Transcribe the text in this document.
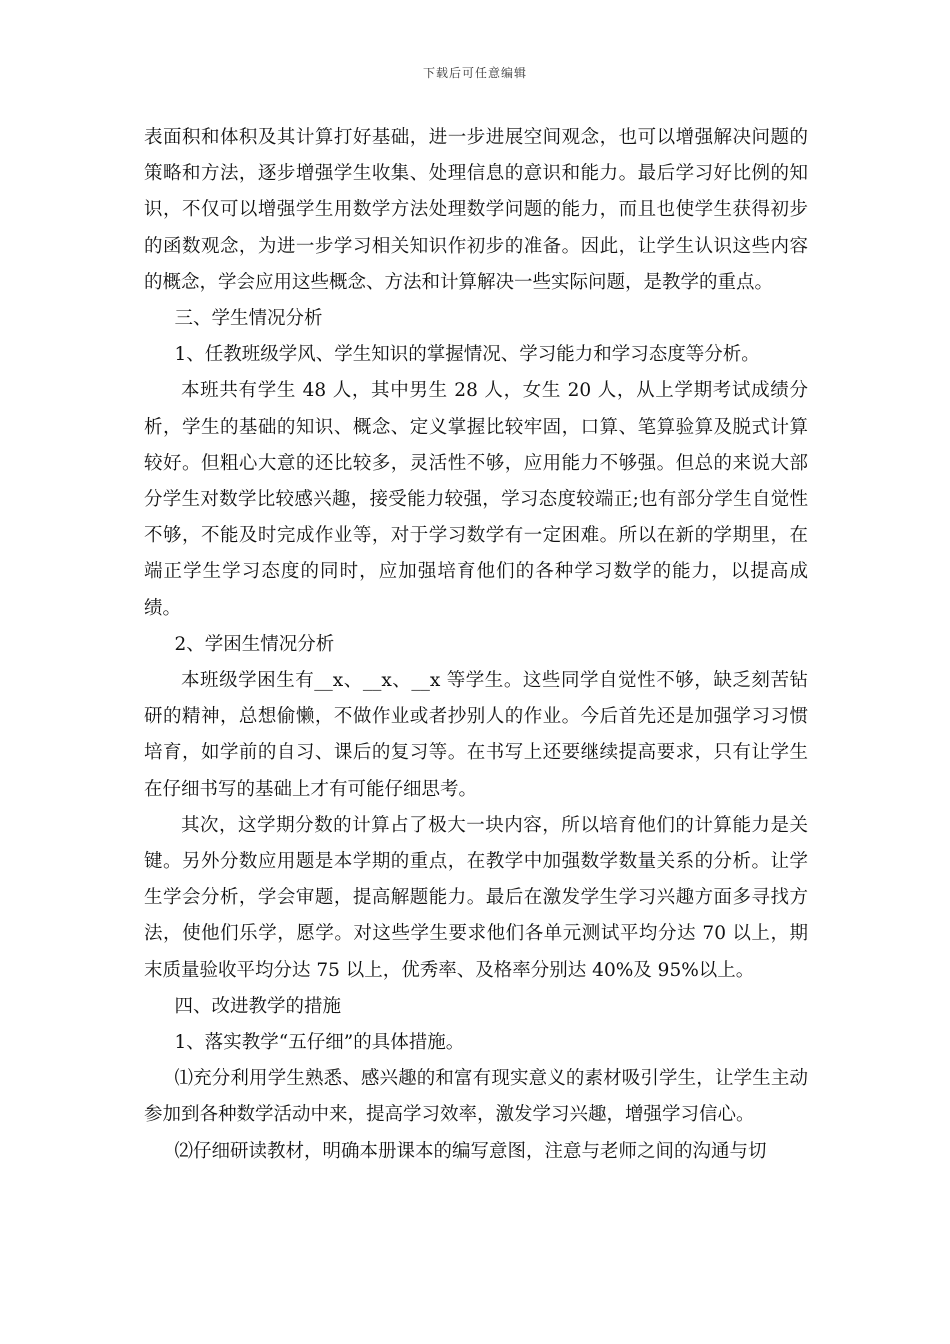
下载后可任意编辑

表面积和体积及其计算打好基础，进一步进展空间观念，也可以增强解决问题的策略和方法，逐步增强学生收集、处理信息的意识和能力。最后学习好比例的知识，不仅可以增强学生用数学方法处理数学问题的能力，而且也使学生获得初步的函数观念，为进一步学习相关知识作初步的准备。因此，让学生认识这些内容的概念，学会应用这些概念、方法和计算解决一些实际问题，是教学的重点。

三、学生情况分析

1、任教班级学风、学生知识的掌握情况、学习能力和学习态度等分析。

本班共有学生 48 人，其中男生 28 人，女生 20 人，从上学期考试成绩分析，学生的基础的知识、概念、定义掌握比较牢固，口算、笔算验算及脱式计算较好。但粗心大意的还比较多，灵活性不够，应用能力不够强。但总的来说大部分学生对数学比较感兴趣，接受能力较强，学习态度较端正;也有部分学生自觉性不够，不能及时完成作业等，对于学习数学有一定困难。所以在新的学期里，在端正学生学习态度的同时，应加强培育他们的各种学习数学的能力，以提高成绩。

2、学困生情况分析

本班级学困生有__x、__x、__x 等学生。这些同学自觉性不够，缺乏刻苦钻研的精神，总想偷懒，不做作业或者抄别人的作业。今后首先还是加强学习习惯培育，如学前的自习、课后的复习等。在书写上还要继续提高要求，只有让学生在仔细书写的基础上才有可能仔细思考。

其次，这学期分数的计算占了极大一块内容，所以培育他们的计算能力是关键。另外分数应用题是本学期的重点，在教学中加强数学数量关系的分析。让学生学会分析，学会审题，提高解题能力。最后在激发学生学习兴趣方面多寻找方法，使他们乐学，愿学。对这些学生要求他们各单元测试平均分达 70 以上，期末质量验收平均分达 75 以上，优秀率、及格率分别达 40%及 95%以上。

四、改进教学的措施

1、落实教学“五仔细”的具体措施。

⑴充分利用学生熟悉、感兴趣的和富有现实意义的素材吸引学生，让学生主动参加到各种数学活动中来，提高学习效率，激发学习兴趣，增强学习信心。

⑵仔细研读教材，明确本册课本的编写意图，注意与老师之间的沟通与切
